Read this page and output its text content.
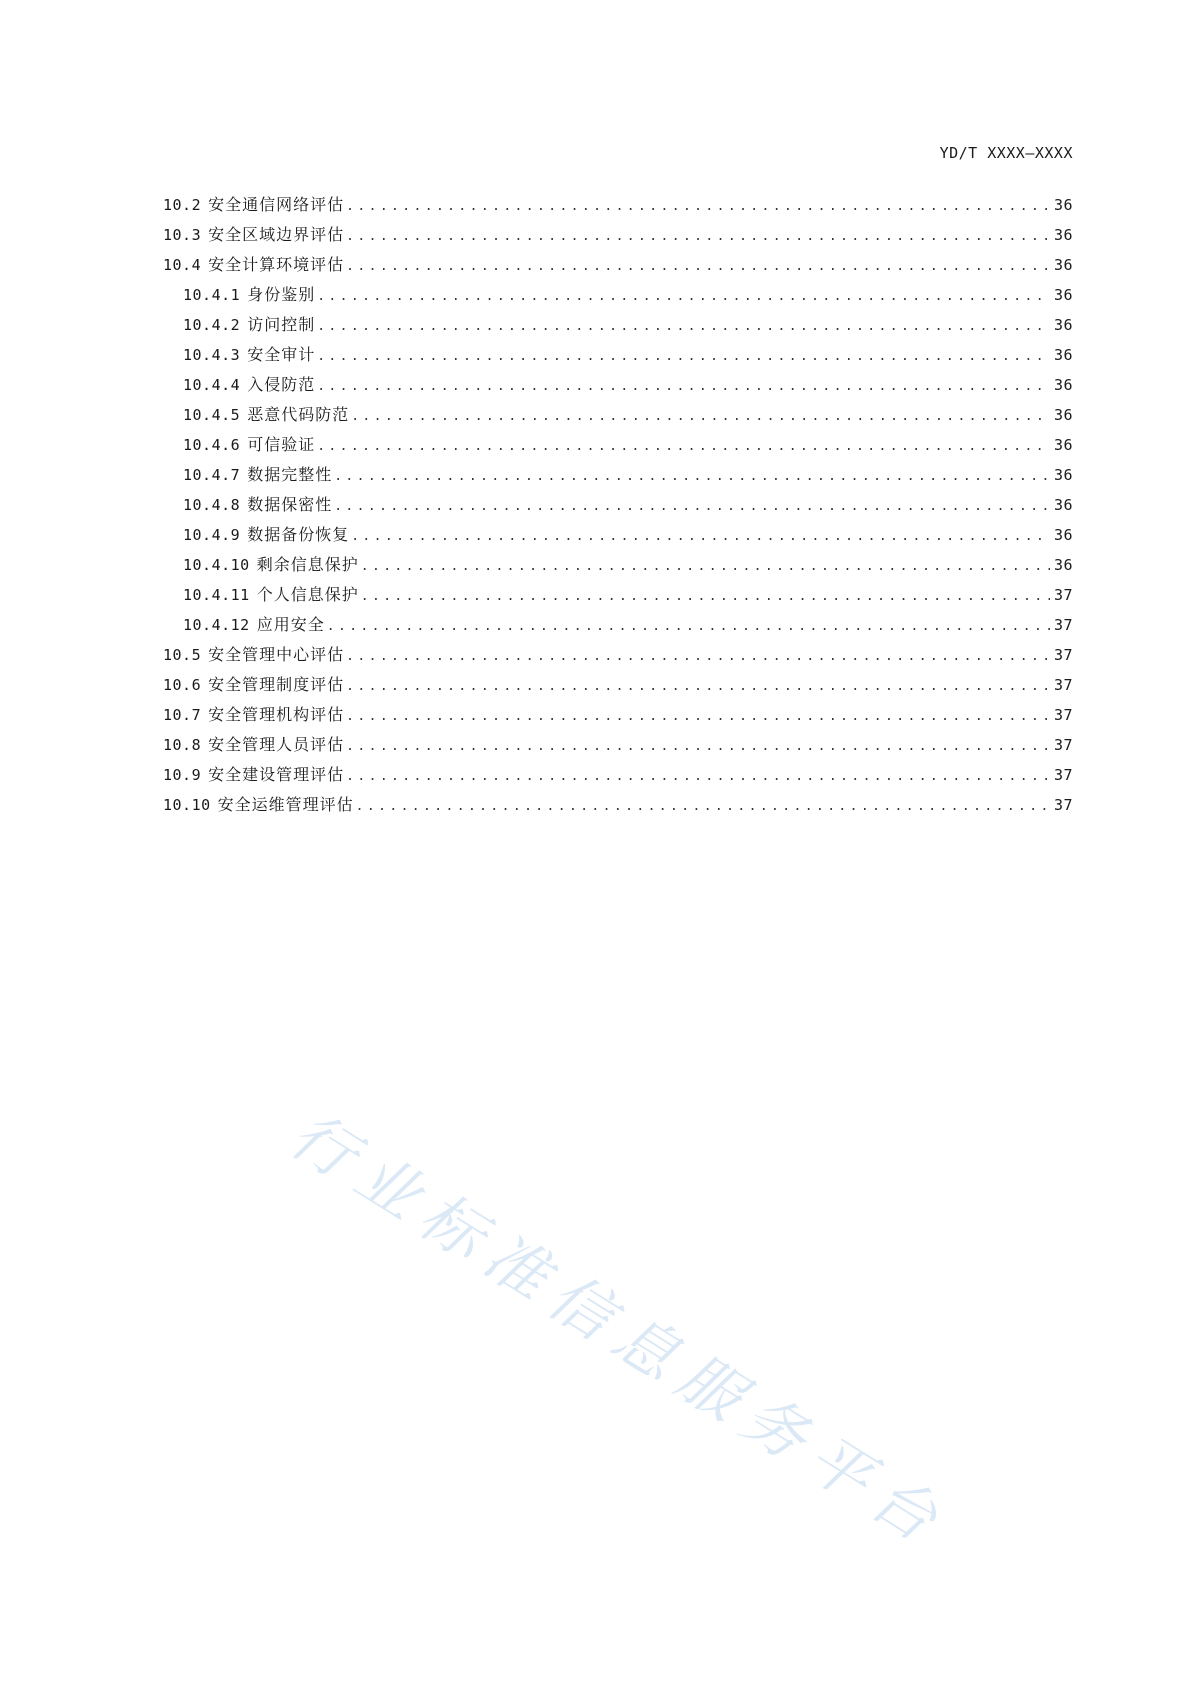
YD/T XXXX—XXXX
10.2 安全通信网络评估 .....	36
10.3 安全区域边界评估 .....	36
10.4 安全计算环境评估 .....	36
10.4.1 身份鉴别 .....	36
10.4.2 访问控制 .....	36
10.4.3 安全审计 .....	36
10.4.4 入侵防范 .....	36
10.4.5 恶意代码防范 .....	36
10.4.6 可信验证 .....	36
10.4.7 数据完整性 .....	36
10.4.8 数据保密性 .....	36
10.4.9 数据备份恢复 .....	36
10.4.10 剩余信息保护 .....	36
10.4.11 个人信息保护 .....	37
10.4.12 应用安全 .....	37
10.5 安全管理中心评估 .....	37
10.6 安全管理制度评估 .....	37
10.7 安全管理机构评估 .....	37
10.8 安全管理人员评估 .....	37
10.9 安全建设管理评估 .....	37
10.10 安全运维管理评估 .....	37
行业标准信息服务平台
